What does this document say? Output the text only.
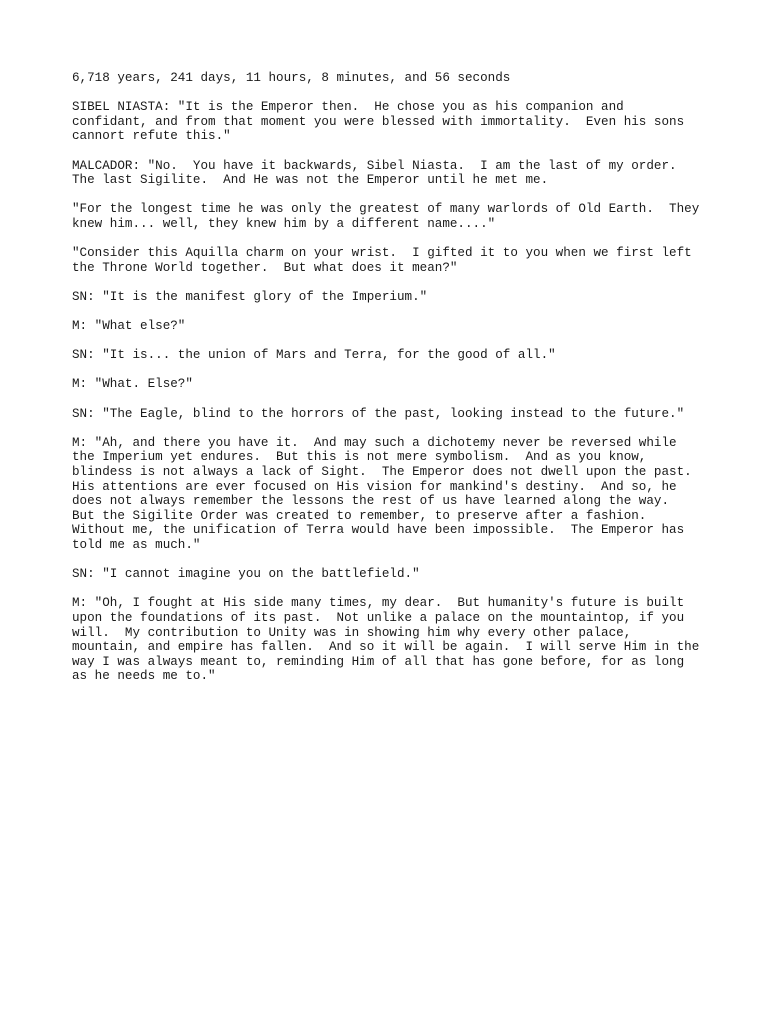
6,718 years, 241 days, 11 hours, 8 minutes, and 56 seconds

SIBEL NIASTA: "It is the Emperor then.  He chose you as his companion and
confidant, and from that moment you were blessed with immortality.  Even his sons
cannort refute this."

MALCADOR: "No.  You have it backwards, Sibel Niasta.  I am the last of my order.
The last Sigilite.  And He was not the Emperor until he met me.

"For the longest time he was only the greatest of many warlords of Old Earth.  They
knew him... well, they knew him by a different name...."

"Consider this Aquilla charm on your wrist.  I gifted it to you when we first left
the Throne World together.  But what does it mean?"

SN: "It is the manifest glory of the Imperium."

M: "What else?"

SN: "It is... the union of Mars and Terra, for the good of all."

M: "What. Else?"

SN: "The Eagle, blind to the horrors of the past, looking instead to the future."

M: "Ah, and there you have it.  And may such a dichotemy never be reversed while
the Imperium yet endures.  But this is not mere symbolism.  And as you know,
blindess is not always a lack of Sight.  The Emperor does not dwell upon the past.
His attentions are ever focused on His vision for mankind's destiny.  And so, he
does not always remember the lessons the rest of us have learned along the way.
But the Sigilite Order was created to remember, to preserve after a fashion.
Without me, the unification of Terra would have been impossible.  The Emperor has
told me as much."

SN: "I cannot imagine you on the battlefield."

M: "Oh, I fought at His side many times, my dear.  But humanity's future is built
upon the foundations of its past.  Not unlike a palace on the mountaintop, if you
will.  My contribution to Unity was in showing him why every other palace,
mountain, and empire has fallen.  And so it will be again.  I will serve Him in the
way I was always meant to, reminding Him of all that has gone before, for as long
as he needs me to."
